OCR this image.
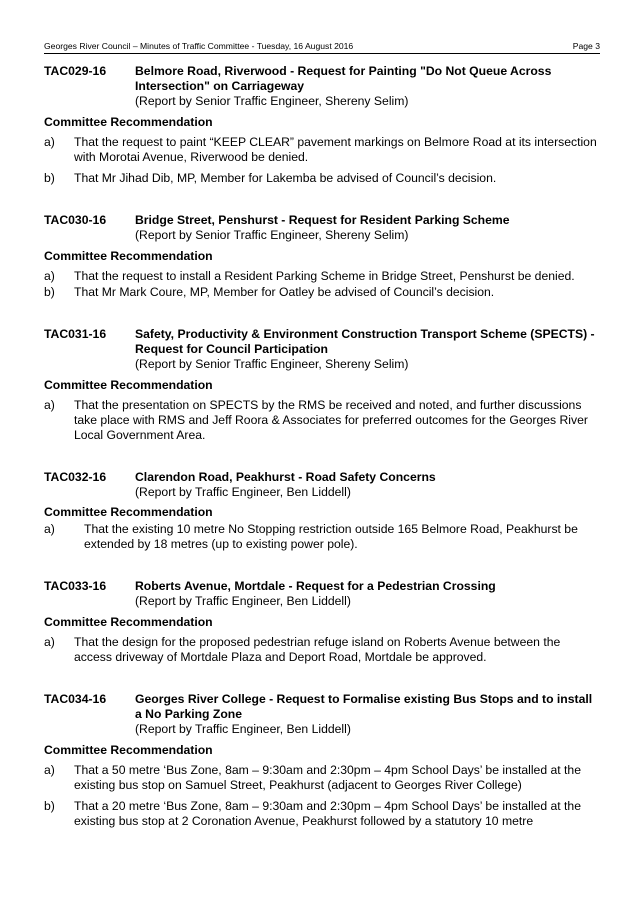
Georges River Council – Minutes of Traffic Committee - Tuesday, 16 August 2016	Page 3
TAC029-16	Belmore Road, Riverwood - Request for Painting "Do Not Queue Across Intersection" on Carriageway
(Report by Senior Traffic Engineer, Shereny Selim)
Committee Recommendation
a)	That the request to paint “KEEP CLEAR” pavement markings on Belmore Road at its intersection with Morotai Avenue, Riverwood be denied.
b)	That Mr Jihad Dib, MP, Member for Lakemba be advised of Council’s decision.
TAC030-16	Bridge Street, Penshurst - Request for Resident Parking Scheme
(Report by Senior Traffic Engineer, Shereny Selim)
Committee Recommendation
a)	That the request to install a Resident Parking Scheme in Bridge Street, Penshurst be denied.
b)	That Mr Mark Coure, MP, Member for Oatley be advised of Council’s decision.
TAC031-16	Safety, Productivity & Environment Construction Transport Scheme (SPECTS) - Request for Council Participation
(Report by Senior Traffic Engineer, Shereny Selim)
Committee Recommendation
a)	That the presentation on SPECTS by the RMS be received and noted, and further discussions take place with RMS and Jeff Roora & Associates for preferred outcomes for the Georges River Local Government Area.
TAC032-16	Clarendon Road, Peakhurst - Road Safety Concerns
(Report by Traffic Engineer, Ben Liddell)
Committee Recommendation
a)	That the existing 10 metre No Stopping restriction outside 165 Belmore Road, Peakhurst be extended by 18 metres (up to existing power pole).
TAC033-16	Roberts Avenue, Mortdale - Request for a Pedestrian Crossing
(Report by Traffic Engineer, Ben Liddell)
Committee Recommendation
a)	That the design for the proposed pedestrian refuge island on Roberts Avenue between the access driveway of Mortdale Plaza and Deport Road, Mortdale be approved.
TAC034-16	Georges River College - Request to Formalise existing Bus Stops and to install a No Parking Zone
(Report by Traffic Engineer, Ben Liddell)
Committee Recommendation
a)	That a 50 metre ‘Bus Zone, 8am – 9:30am and 2:30pm – 4pm School Days’ be installed at the existing bus stop on Samuel Street, Peakhurst (adjacent to Georges River College)
b)	That a 20 metre ‘Bus Zone, 8am – 9:30am and 2:30pm – 4pm School Days’ be installed at the existing bus stop at 2 Coronation Avenue, Peakhurst followed by a statutory 10 metre
